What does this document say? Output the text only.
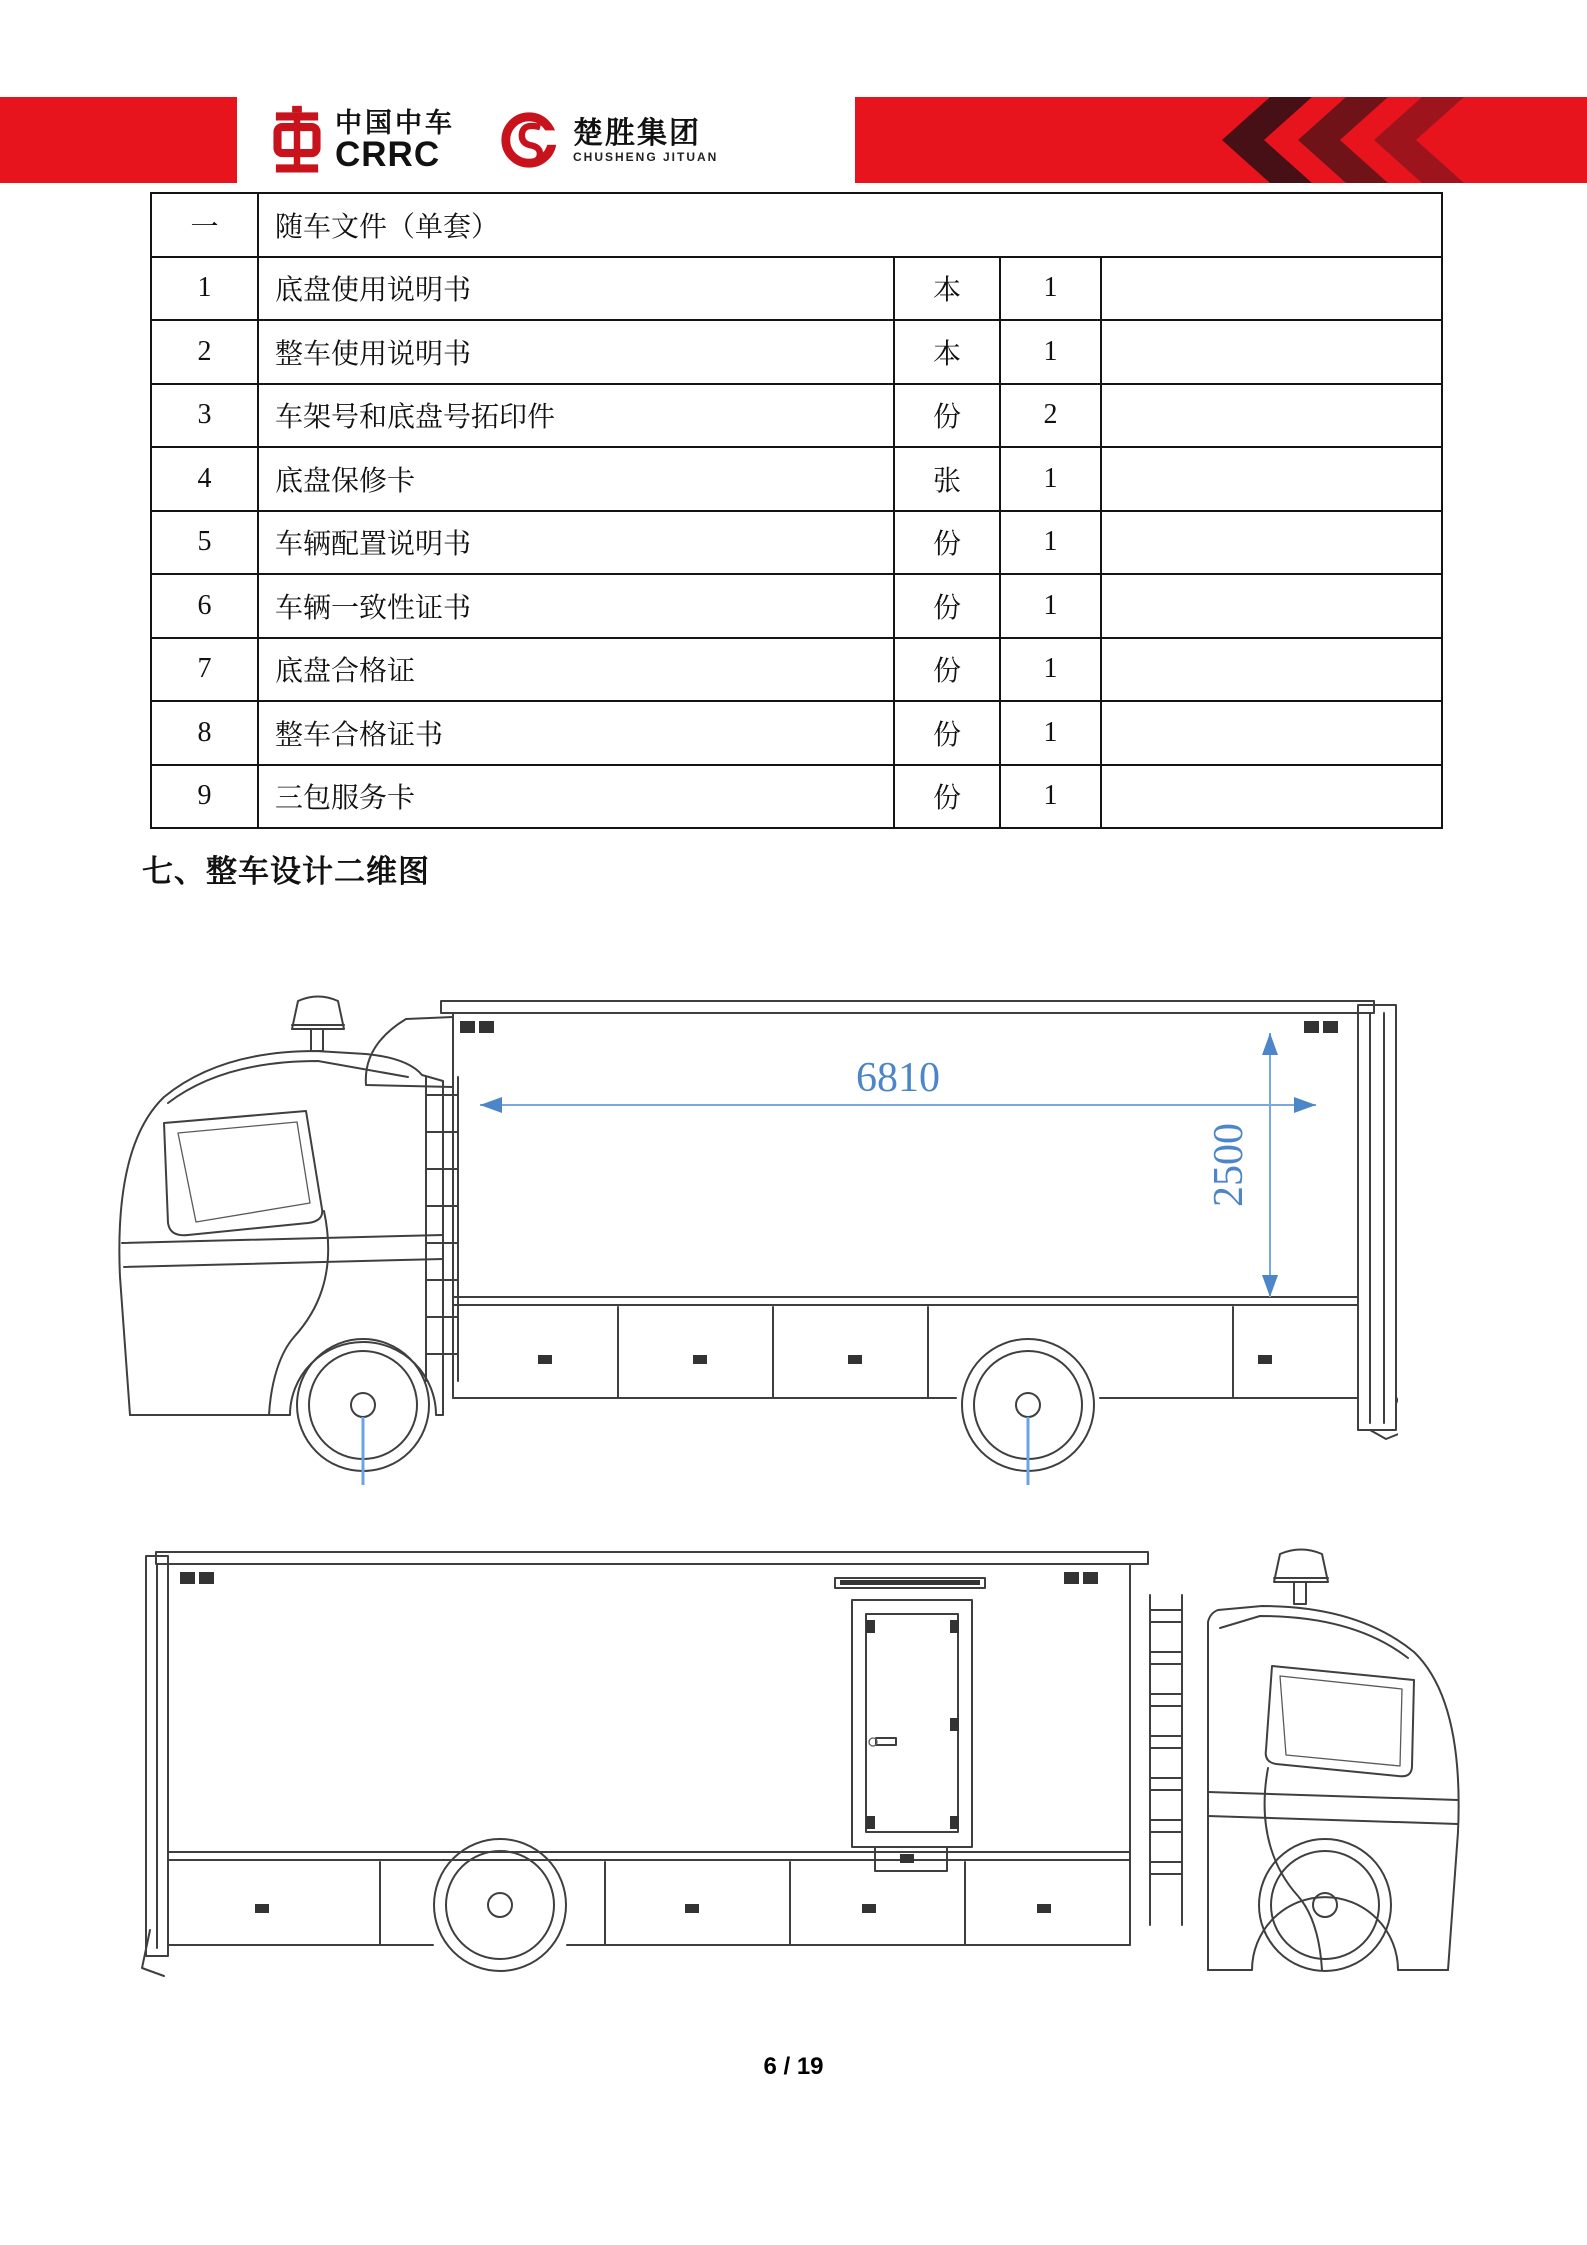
中国中车
CRRC
楚胜集团
CHUSHENG JITUAN
一	随车文件（单套）			
1	底盘使用说明书	本	1	
2	整车使用说明书	本	1	
3	车架号和底盘号拓印件	份	2	
4	底盘保修卡	张	1	
5	车辆配置说明书	份	1	
6	车辆一致性证书	份	1	
7	底盘合格证	份	1	
8	整车合格证书	份	1	
9	三包服务卡	份	1	
七、整车设计二维图
6810
2500
6 / 19
